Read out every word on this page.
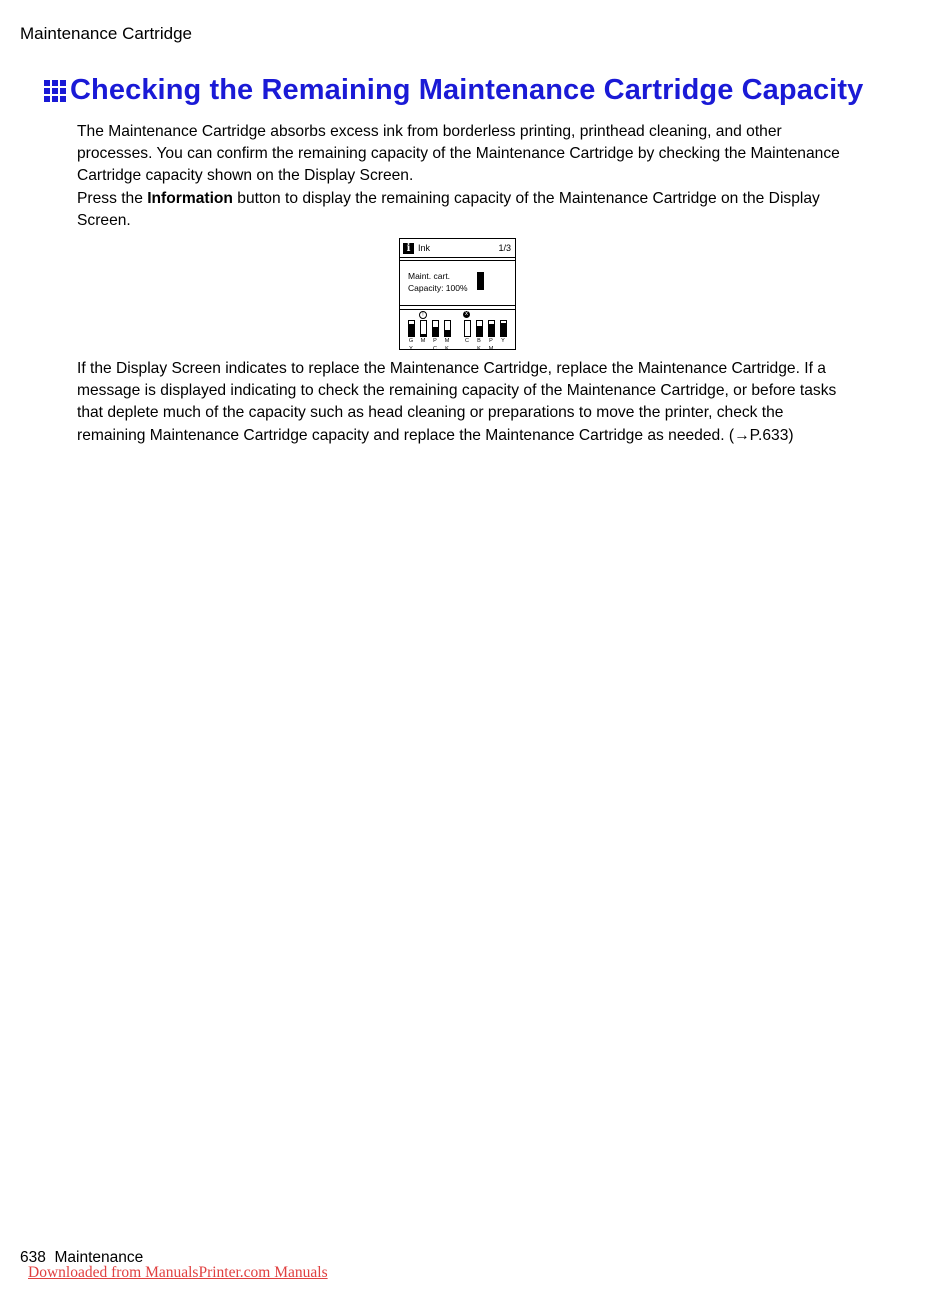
Maintenance Cartridge
Checking the Remaining Maintenance Cartridge Capacity

The Maintenance Cartridge absorbs excess ink from borderless printing, printhead cleaning, and other processes. You can confirm the remaining capacity of the Maintenance Cartridge by checking the Maintenance Cartridge capacity shown on the Display Screen.

Press the Information button to display the remaining capacity of the Maintenance Cartridge on the Display Screen.

i Ink	1/3
Maint. cart.
Capacity: 100%
G
Y
M
!
P
C
M
K
C
x
B
K
P
M
Y

If the Display Screen indicates to replace the Maintenance Cartridge, replace the Maintenance Cartridge. If a message is displayed indicating to check the remaining capacity of the Maintenance Cartridge, or before tasks that deplete much of the capacity such as head cleaning or preparations to move the printer, check the remaining Maintenance Cartridge capacity and replace the Maintenance Cartridge as needed. (→P.633)

638 Maintenance
Downloaded from ManualsPrinter.com Manuals
